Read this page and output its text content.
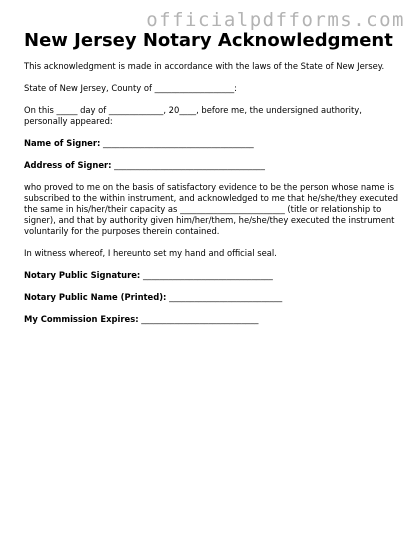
officialpdfforms.com
New Jersey Notary Acknowledgment
This acknowledgment is made in accordance with the laws of the State of New Jersey.
State of New Jersey, County of ___________________:
On this _____ day of _____________, 20____, before me, the undersigned authority, personally appeared:
Name of Signer: ____________________________________
Address of Signer: ____________________________________
who proved to me on the basis of satisfactory evidence to be the person whose name is subscribed to the within instrument, and acknowledged to me that he/she/they executed the same in his/her/their capacity as _________________________ (title or relationship to signer), and that by authority given him/her/them, he/she/they executed the instrument voluntarily for the purposes therein contained.
In witness whereof, I hereunto set my hand and official seal.
Notary Public Signature: _______________________________
Notary Public Name (Printed): ___________________________
My Commission Expires: ____________________________
